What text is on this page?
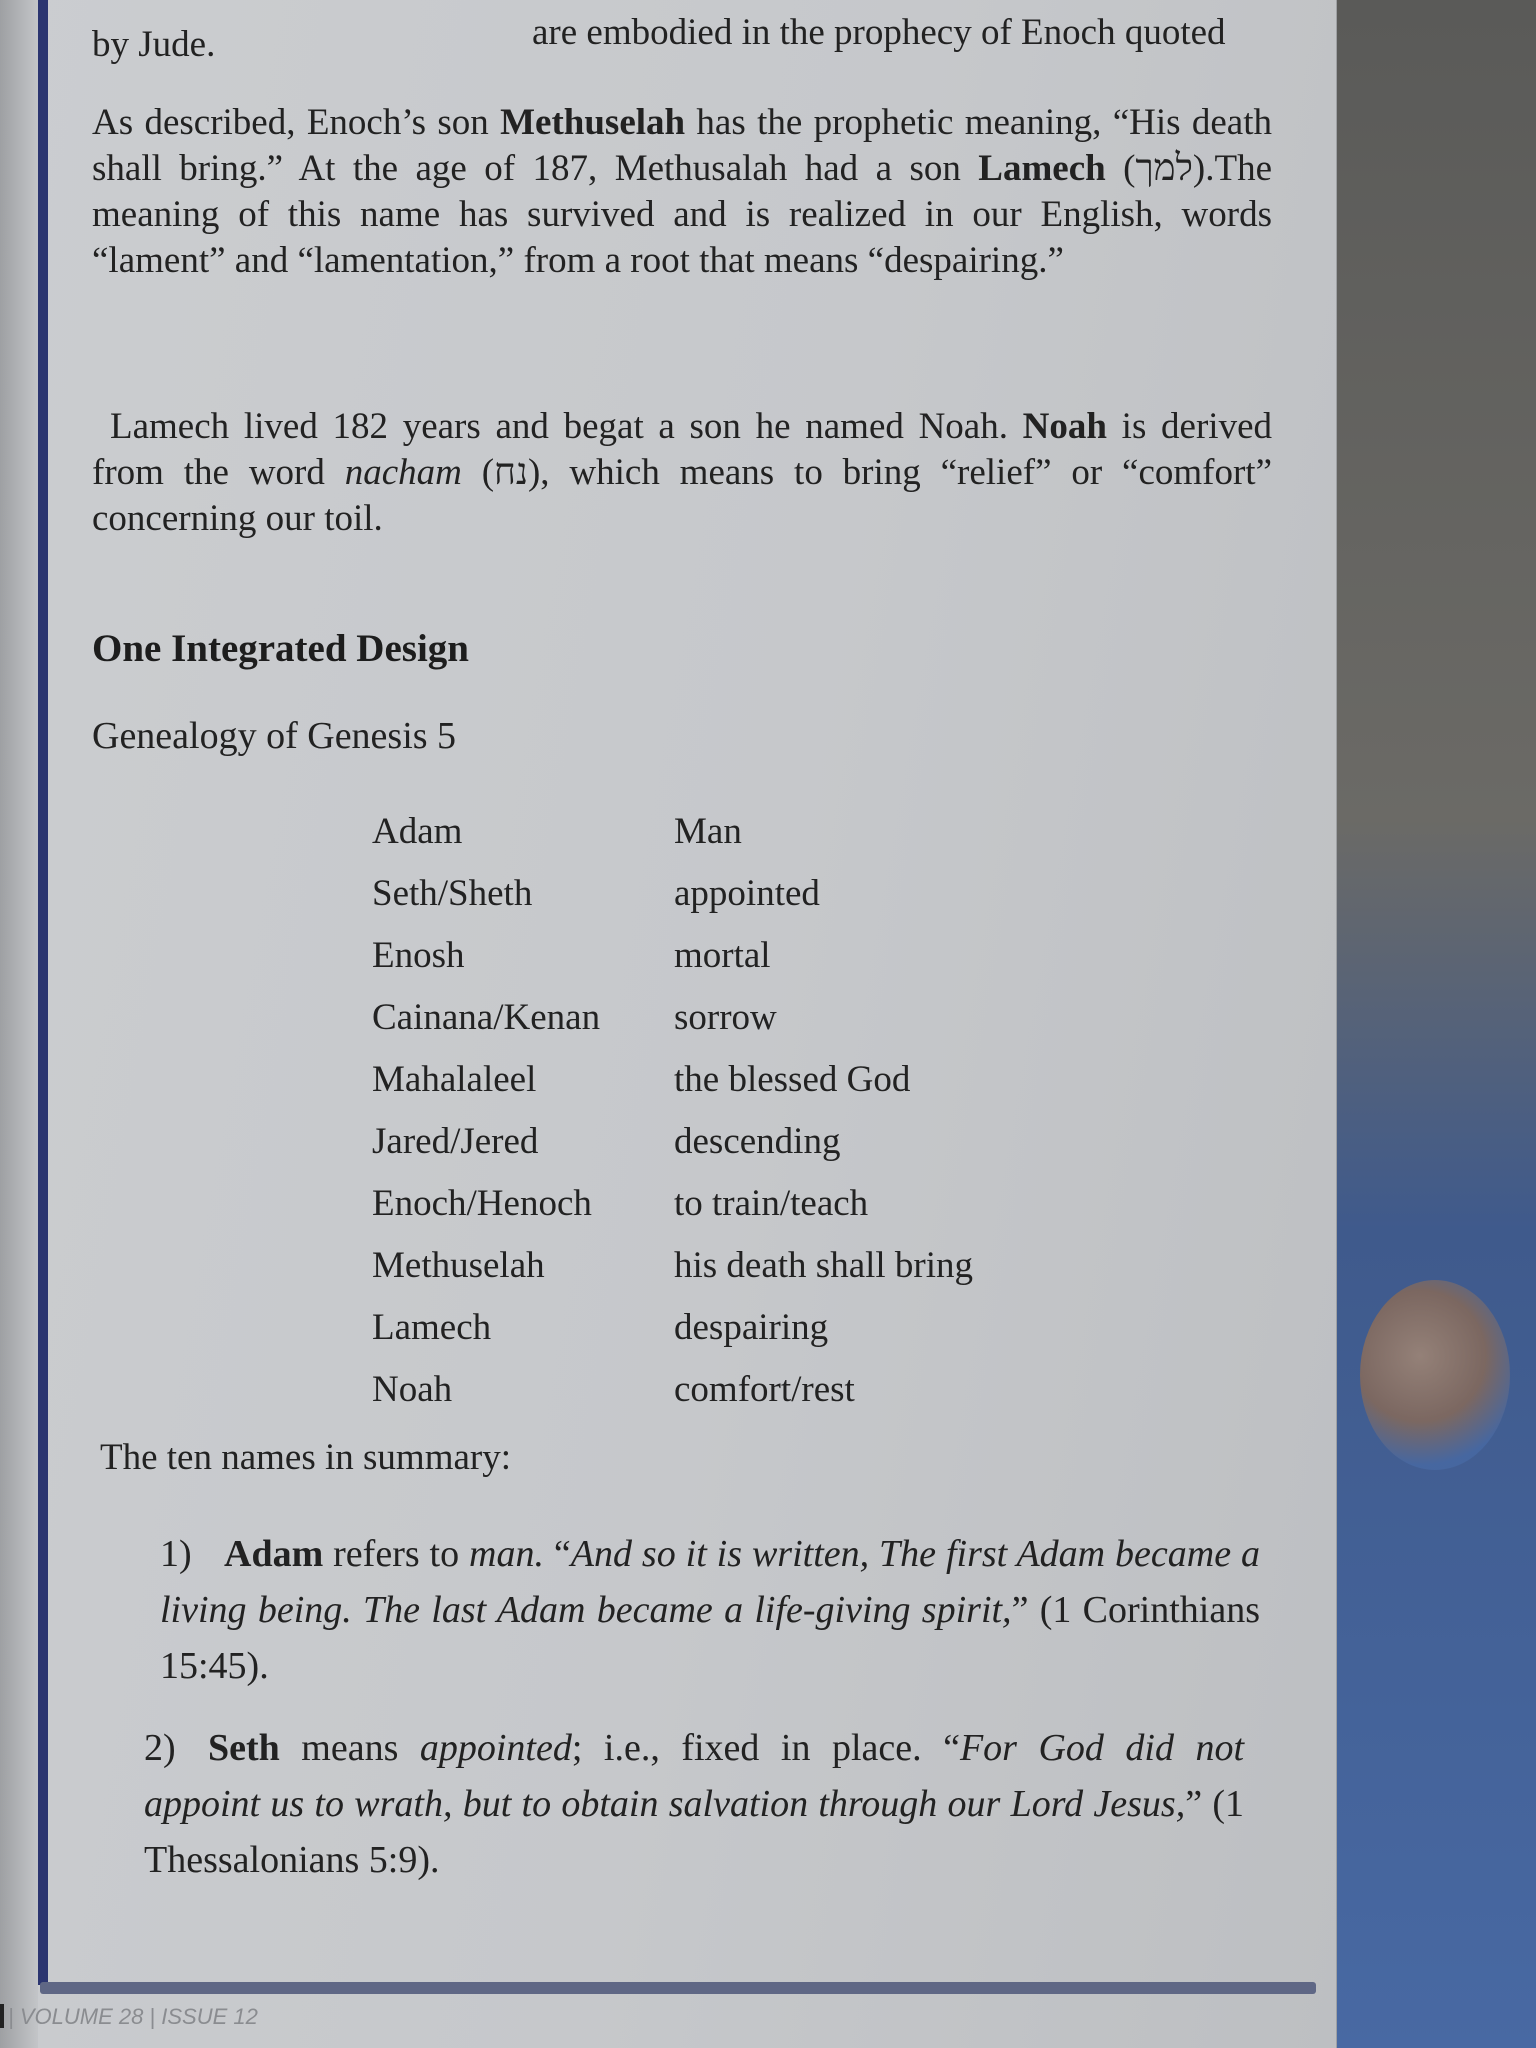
are embodied in the prophecy of Enoch quoted
by Jude.
As described, Enoch’s son Methuselah has the prophetic meaning, “His death shall bring.” At the age of 187, Methusalah had a son Lamech (למך).The meaning of this name has survived and is realized in our English, words “lament” and “lamentation,” from a root that means “despairing.”
Lamech lived 182 years and begat a son he named Noah. Noah is derived from the word nacham (נח), which means to bring “relief” or “comfort” concerning our toil.
One Integrated Design
Genealogy of Genesis 5
Adam	Man
Seth/Sheth	appointed
Enosh	mortal
Cainana/Kenan	sorrow
Mahalaleel	the blessed God
Jared/Jered	descending
Enoch/Henoch	to train/teach
Methuselah	his death shall bring
Lamech	despairing
Noah	comfort/rest
The ten names in summary:
1) Adam refers to man. “And so it is written, The first Adam became a living being. The last Adam became a life-giving spirit,” (1 Corinthians 15:45).
2) Seth means appointed; i.e., fixed in place. “For God did not appoint us to wrath, but to obtain salvation through our Lord Jesus,” (1 Thessalonians 5:9).
| VOLUME 28 | ISSUE 12
